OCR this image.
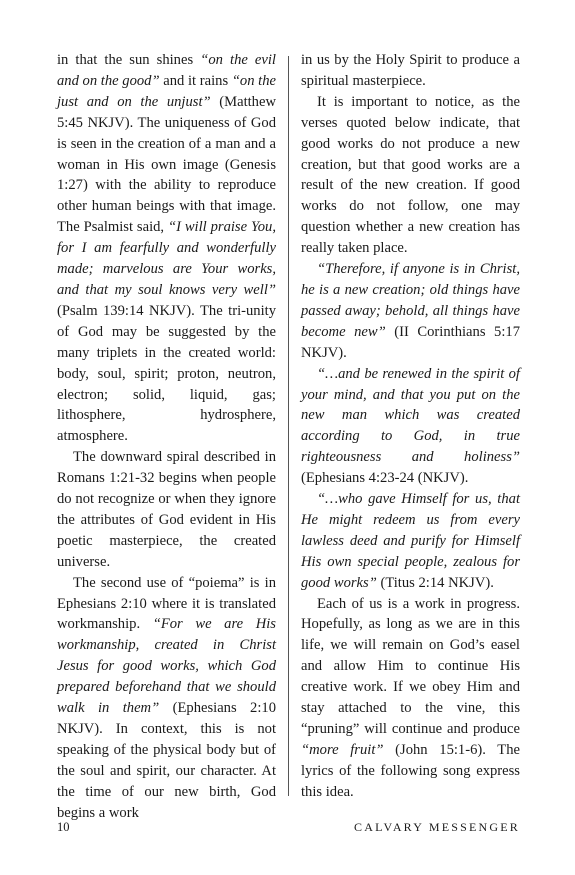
in that the sun shines “on the evil and on the good” and it rains “on the just and on the unjust” (Matthew 5:45 NKJV). The uniqueness of God is seen in the creation of a man and a woman in His own image (Genesis 1:27) with the ability to reproduce other human beings with that image. The Psalmist said, “I will praise You, for I am fearfully and wonderfully made; marvelous are Your works, and that my soul knows very well” (Psalm 139:14 NKJV). The tri-unity of God may be suggested by the many triplets in the created world: body, soul, spirit; proton, neutron, electron; solid, liquid, gas; lithosphere, hydrosphere, atmosphere.

The downward spiral described in Romans 1:21-32 begins when people do not recognize or when they ignore the attributes of God evident in His poetic masterpiece, the created universe.

The second use of “poiema” is in Ephesians 2:10 where it is translated workmanship. “For we are His workmanship, created in Christ Jesus for good works, which God prepared beforehand that we should walk in them” (Ephesians 2:10 NKJV). In context, this is not speaking of the physical body but of the soul and spirit, our character. At the time of our new birth, God begins a work

in us by the Holy Spirit to produce a spiritual masterpiece.

It is important to notice, as the verses quoted below indicate, that good works do not produce a new creation, but that good works are a result of the new creation. If good works do not follow, one may question whether a new creation has really taken place.

“Therefore, if anyone is in Christ, he is a new creation; old things have passed away; behold, all things have become new” (II Corinthians 5:17 NKJV).

“…and be renewed in the spirit of your mind, and that you put on the new man which was created according to God, in true righteousness and holiness” (Ephesians 4:23-24 (NKJV).

“…who gave Himself for us, that He might redeem us from every lawless deed and purify for Himself His own special people, zealous for good works” (Titus 2:14 NKJV).

Each of us is a work in progress. Hopefully, as long as we are in this life, we will remain on God’s easel and allow Him to continue His creative work. If we obey Him and stay attached to the vine, this “pruning” will continue and produce “more fruit” (John 15:1-6). The lyrics of the following song express this idea.

10	CALVARY MESSENGER
